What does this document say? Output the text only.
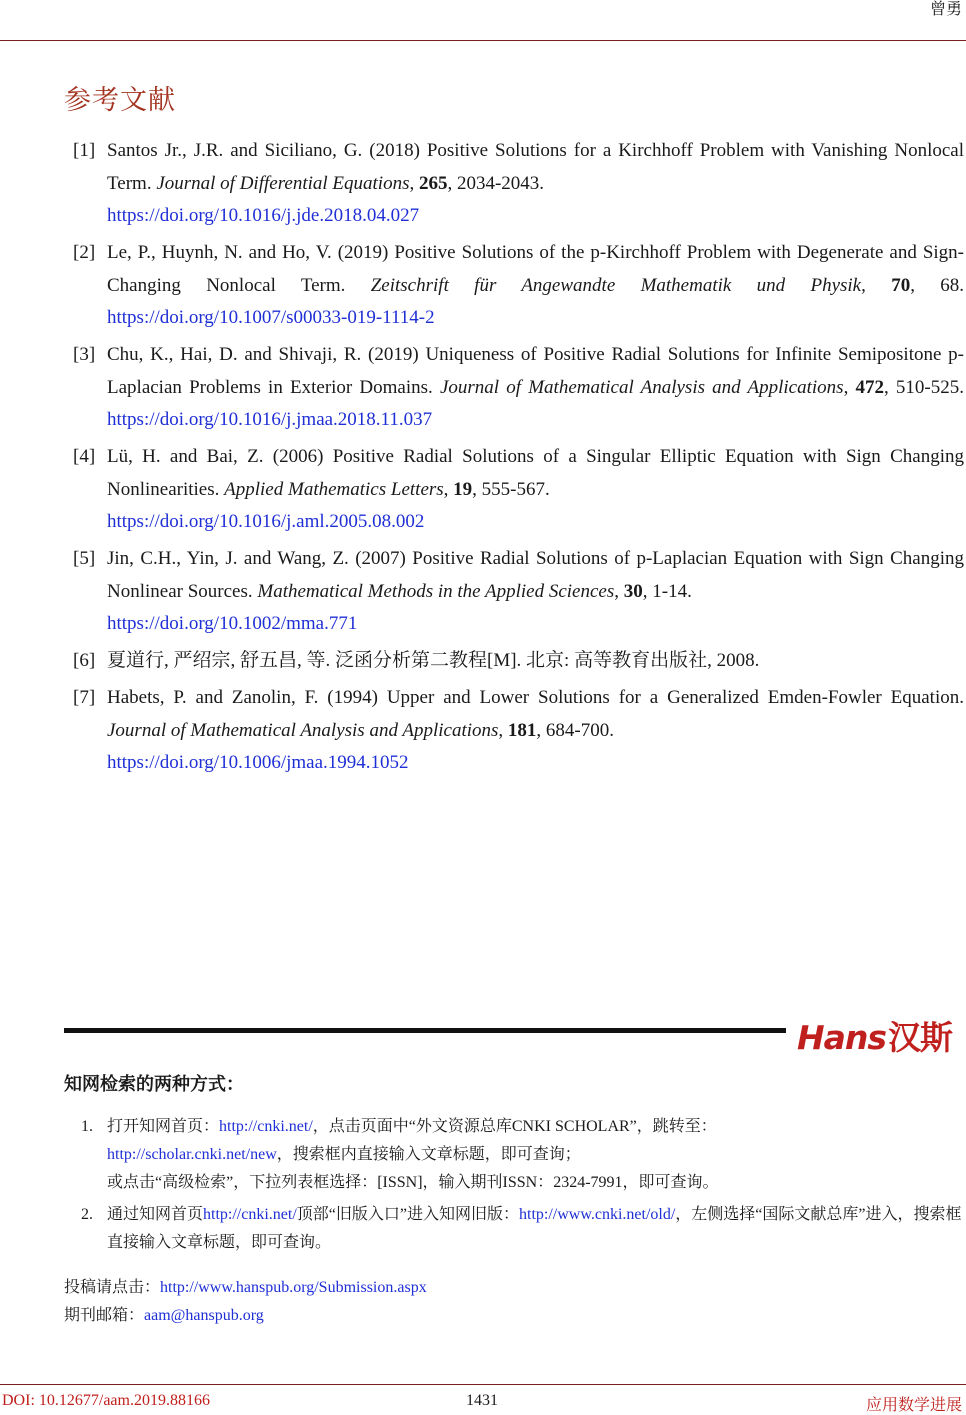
曾勇
参考文献
[1] Santos Jr., J.R. and Siciliano, G. (2018) Positive Solutions for a Kirchhoff Problem with Vanishing Nonlocal Term. Journal of Differential Equations, 265, 2034-2043.
https://doi.org/10.1016/j.jde.2018.04.027
[2] Le, P., Huynh, N. and Ho, V. (2019) Positive Solutions of the p-Kirchhoff Problem with Degenerate and Sign-Changing Nonlocal Term. Zeitschrift für Angewandte Mathematik und Physik, 70, 68. https://doi.org/10.1007/s00033-019-1114-2
[3] Chu, K., Hai, D. and Shivaji, R. (2019) Uniqueness of Positive Radial Solutions for Infinite Semipositone p-Laplacian Problems in Exterior Domains. Journal of Mathematical Analysis and Applications, 472, 510-525. https://doi.org/10.1016/j.jmaa.2018.11.037
[4] Lü, H. and Bai, Z. (2006) Positive Radial Solutions of a Singular Elliptic Equation with Sign Changing Nonlinearities. Applied Mathematics Letters, 19, 555-567.
https://doi.org/10.1016/j.aml.2005.08.002
[5] Jin, C.H., Yin, J. and Wang, Z. (2007) Positive Radial Solutions of p-Laplacian Equation with Sign Changing Nonlinear Sources. Mathematical Methods in the Applied Sciences, 30, 1-14.
https://doi.org/10.1002/mma.771
[6] 夏道行, 严绍宗, 舒五昌, 等. 泛函分析第二教程[M]. 北京: 高等教育出版社, 2008.
[7] Habets, P. and Zanolin, F. (1994) Upper and Lower Solutions for a Generalized Emden-Fowler Equation. Journal of Mathematical Analysis and Applications, 181, 684-700.
https://doi.org/10.1006/jmaa.1994.1052
Hans汉斯
知网检索的两种方式：
1. 打开知网首页：http://cnki.net/，点击页面中“外文资源总库CNKI SCHOLAR”，跳转至：
http://scholar.cnki.net/new，搜索框内直接输入文章标题，即可查询；
或点击“高级检索”，下拉列表框选择：[ISSN]，输入期刊ISSN：2324-7991，即可查询。
2. 通过知网首页http://cnki.net/顶部“旧版入口”进入知网旧版：http://www.cnki.net/old/，左侧选择“国际文献总库”进入，搜索框直接输入文章标题，即可查询。
投稿请点击：http://www.hanspub.org/Submission.aspx
期刊邮箱：aam@hanspub.org
DOI: 10.12677/aam.2019.88166	1431	应用数学进展
